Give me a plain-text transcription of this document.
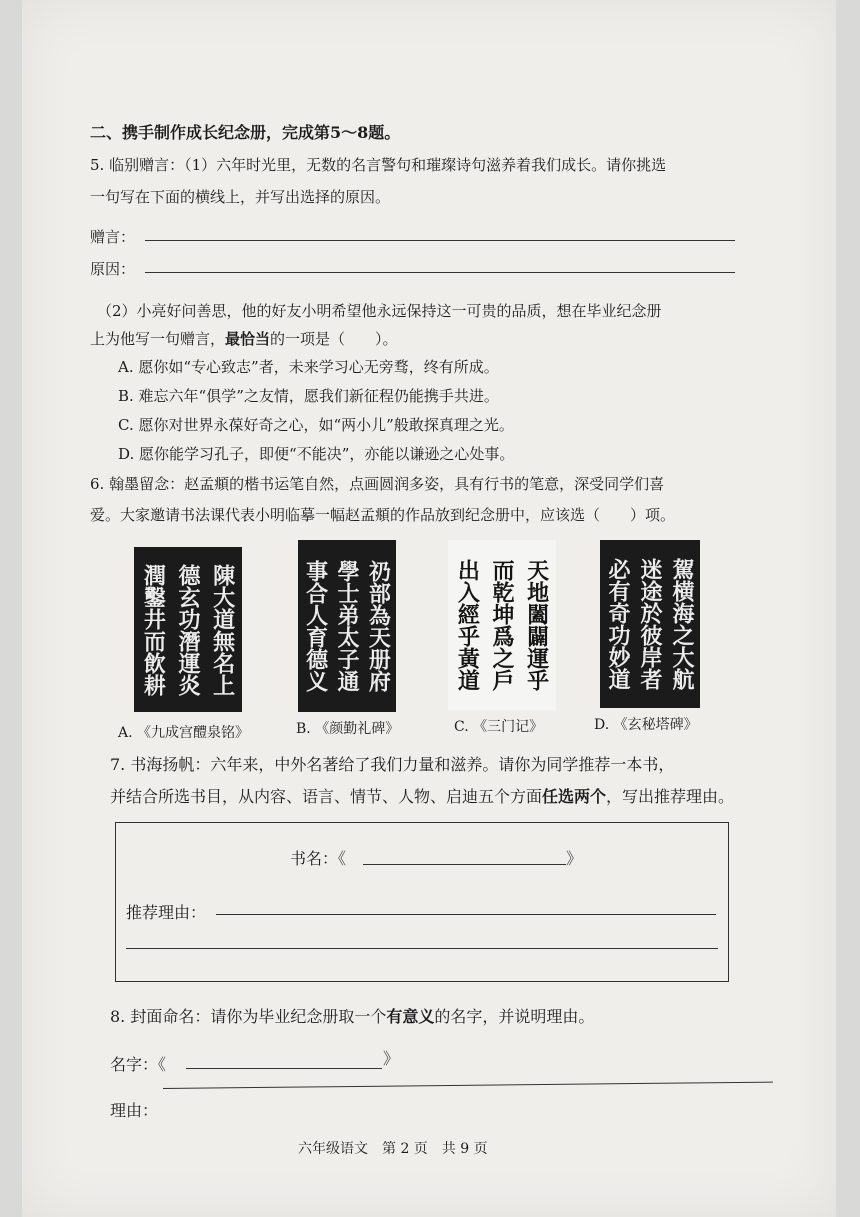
二、携手制作成长纪念册，完成第5～8题。
5. 临别赠言：（1）六年时光里，无数的名言警句和璀璨诗句滋养着我们成长。请你挑选
一句写在下面的横线上，并写出选择的原因。
赠言：
原因：
（2）小亮好问善思，他的好友小明希望他永远保持这一可贵的品质，想在毕业纪念册
上为他写一句赠言，最恰当的一项是（　　）。
A. 愿你如“专心致志”者，未来学习心无旁骛，终有所成。
B. 难忘六年“俱学”之友情，愿我们新征程仍能携手共进。
C. 愿你对世界永葆好奇之心，如“两小儿”般敢探真理之光。
D. 愿你能学习孔子，即便“不能决”，亦能以谦逊之心处事。
6. 翰墨留念：赵孟頫的楷书运笔自然，点画圆润多姿，具有行书的笔意，深受同学们喜
爱。大家邀请书法课代表小明临摹一幅赵孟頫的作品放到纪念册中，应该选（　　）项。
陳大道無名上
德玄功潛運炎
潤鑿井而飲耕	礽部為天册府
學士弟太子通
事合人育德义	天地闔闢運乎
而乾坤爲之戶
出入經乎黃道	駕横海之大航
迷途於彼岸者
必有奇功妙道
A. 《九成宫醴泉铭》	B. 《颜勤礼碑》	C. 《三门记》	D. 《玄秘塔碑》
7. 书海扬帆：六年来，中外名著给了我们力量和滋养。请你为同学推荐一本书，
并结合所选书目，从内容、语言、情节、人物、启迪五个方面任选两个，写出推荐理由。
书名：《	》
推荐理由：
8. 封面命名：请你为毕业纪念册取一个有意义的名字，并说明理由。
名字：《	》
理由：
六年级语文　第 2 页　共 9 页
